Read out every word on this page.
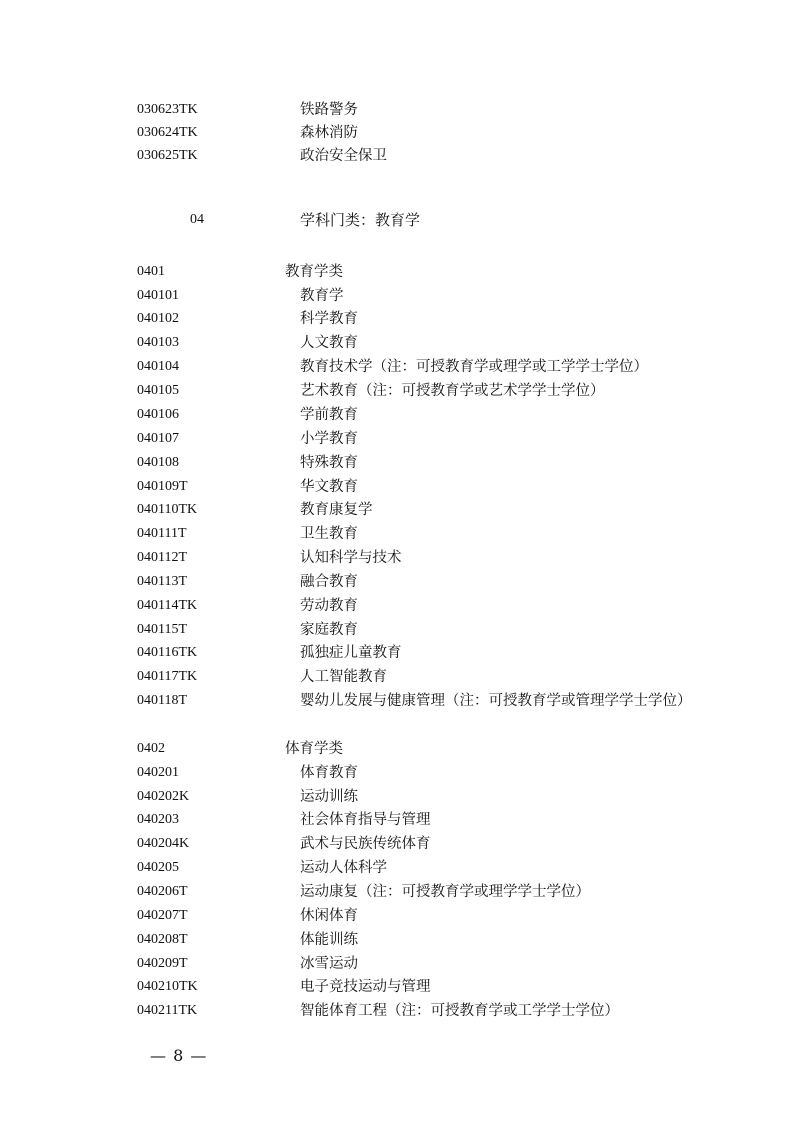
030623TK	铁路警务
030624TK	森林消防
030625TK	政治安全保卫
04	学科门类：教育学
0401	教育学类
040101	教育学
040102	科学教育
040103	人文教育
040104	教育技术学（注：可授教育学或理学或工学学士学位）
040105	艺术教育（注：可授教育学或艺术学学士学位）
040106	学前教育
040107	小学教育
040108	特殊教育
040109T	华文教育
040110TK	教育康复学
040111T	卫生教育
040112T	认知科学与技术
040113T	融合教育
040114TK	劳动教育
040115T	家庭教育
040116TK	孤独症儿童教育
040117TK	人工智能教育
040118T	婴幼儿发展与健康管理（注：可授教育学或管理学学士学位）
0402	体育学类
040201	体育教育
040202K	运动训练
040203	社会体育指导与管理
040204K	武术与民族传统体育
040205	运动人体科学
040206T	运动康复（注：可授教育学或理学学士学位）
040207T	休闲体育
040208T	体能训练
040209T	冰雪运动
040210TK	电子竞技运动与管理
040211TK	智能体育工程（注：可授教育学或工学学士学位）
— 8 —
